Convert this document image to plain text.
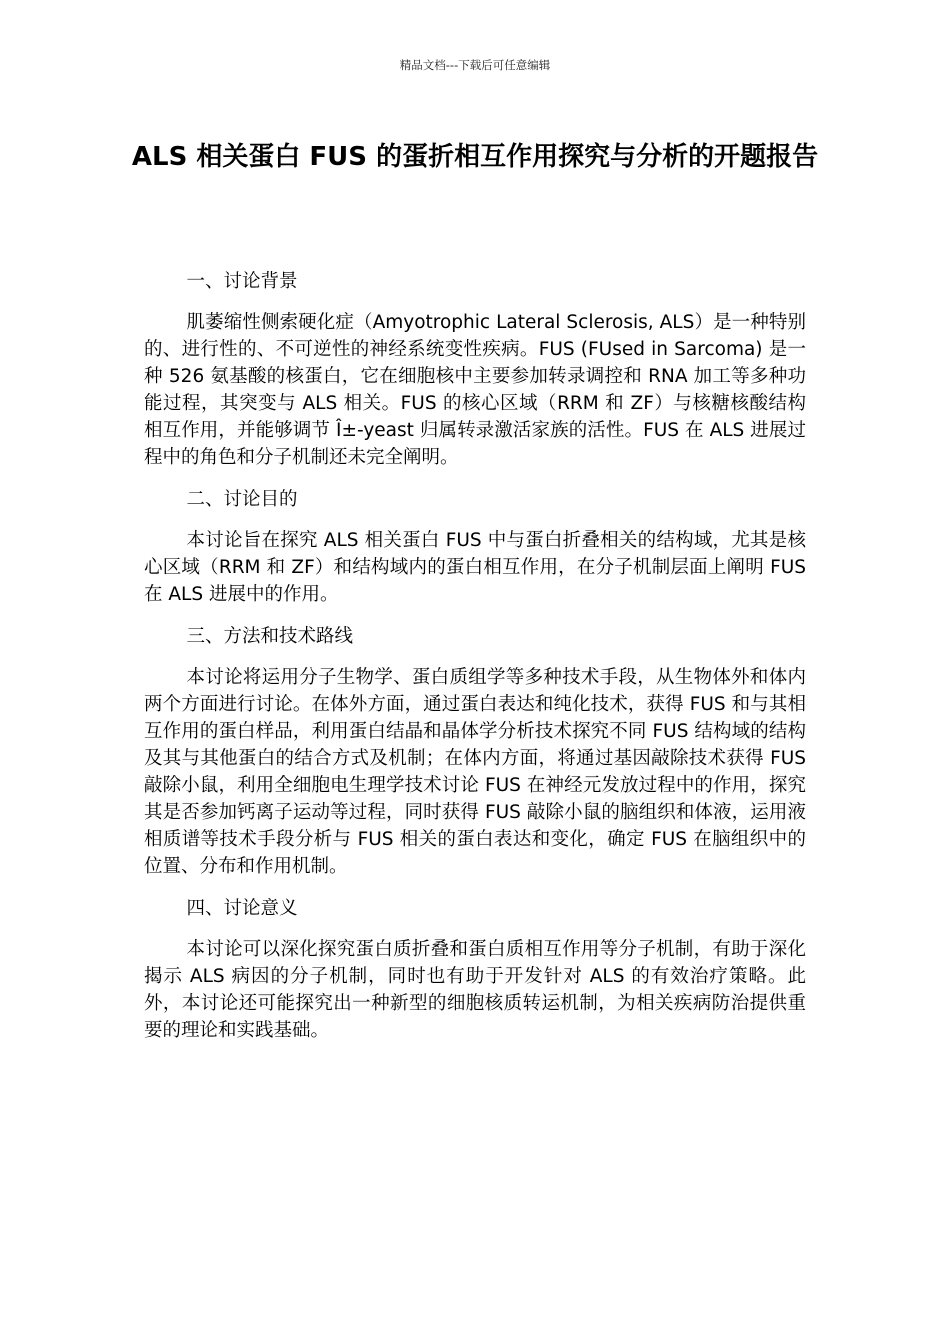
精品文档---下载后可任意编辑
ALS 相关蛋白 FUS 的蛋折相互作用探究与分析的开题报告

一、讨论背景

肌萎缩性侧索硬化症（Amyotrophic Lateral Sclerosis, ALS）是一种特别的、进行性的、不可逆性的神经系统变性疾病。FUS (FUsed in Sarcoma) 是一种 526 氨基酸的核蛋白，它在细胞核中主要参加转录调控和 RNA 加工等多种功能过程，其突变与 ALS 相关。FUS 的核心区域（RRM 和 ZF）与核糖核酸结构相互作用，并能够调节 Î±-yeast 归属转录激活家族的活性。FUS 在 ALS 进展过程中的角色和分子机制还未完全阐明。

二、讨论目的

本讨论旨在探究 ALS 相关蛋白 FUS 中与蛋白折叠相关的结构域，尤其是核心区域（RRM 和 ZF）和结构域内的蛋白相互作用，在分子机制层面上阐明 FUS 在 ALS 进展中的作用。

三、方法和技术路线

本讨论将运用分子生物学、蛋白质组学等多种技术手段，从生物体外和体内两个方面进行讨论。在体外方面，通过蛋白表达和纯化技术，获得 FUS 和与其相互作用的蛋白样品，利用蛋白结晶和晶体学分析技术探究不同 FUS 结构域的结构及其与其他蛋白的结合方式及机制；在体内方面，将通过基因敲除技术获得 FUS 敲除小鼠，利用全细胞电生理学技术讨论 FUS 在神经元发放过程中的作用，探究其是否参加钙离子运动等过程，同时获得 FUS 敲除小鼠的脑组织和体液，运用液相质谱等技术手段分析与 FUS 相关的蛋白表达和变化，确定 FUS 在脑组织中的位置、分布和作用机制。

四、讨论意义

本讨论可以深化探究蛋白质折叠和蛋白质相互作用等分子机制，有助于深化揭示 ALS 病因的分子机制，同时也有助于开发针对 ALS 的有效治疗策略。此外，本讨论还可能探究出一种新型的细胞核质转运机制，为相关疾病防治提供重要的理论和实践基础。
